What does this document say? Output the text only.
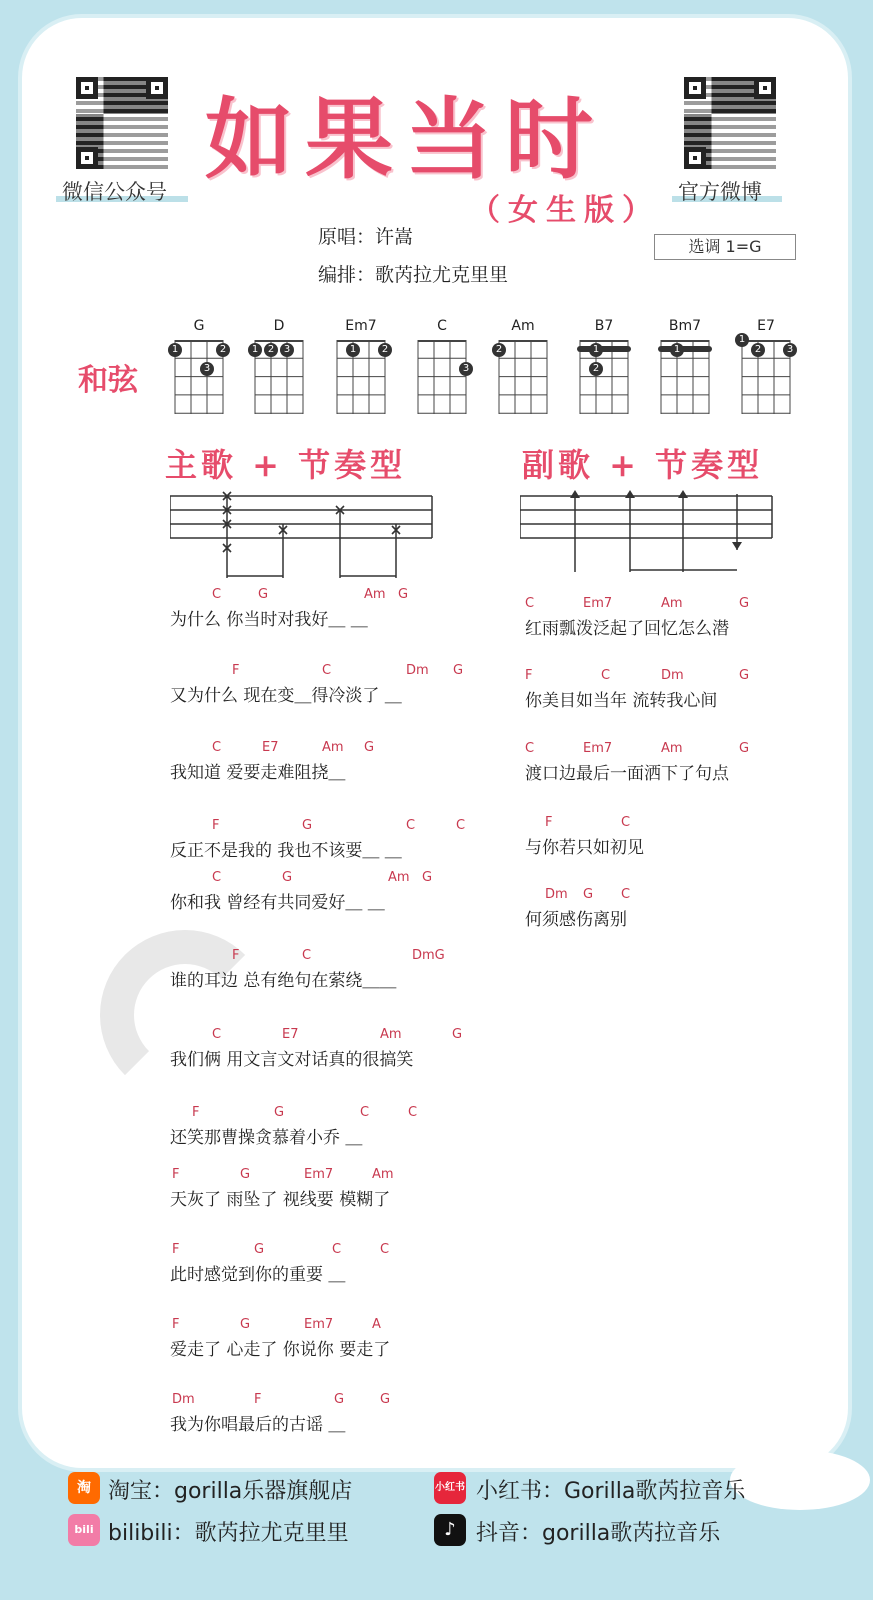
微信公众号	官方微博
如果当时
（女生版）
原唱：许嵩
编排：歌芮拉尤克里里
选调 1=G
和弦
G
1	2
3
D
1 2 3
Em7
1	2
C
3
Am
2
B7
1
2
Bm7
1
E7
1
2	3
主歌 + 节奏型	副歌 + 节奏型
为什么 你当时对我好＿ ＿
C	G	Am G
又为什么 现在变＿得冷淡了 ＿
F	C	Dm G
我知道 爱要走难阻挠＿
C	E7	Am G
反正不是我的 我也不该要＿ ＿
F	G	C	C
你和我 曾经有共同爱好＿ ＿
C	G	Am G
谁的耳边 总有绝句在萦绕＿＿
F	C	DmG
我们俩 用文言文对话真的很搞笑
C	E7	Am	G
还笑那曹操贪慕着小乔 ＿
F	G	C	C
天灰了 雨坠了 视线要 模糊了
F	G	Em7	Am
此时感觉到你的重要 ＿
F	G	C	C
爱走了 心走了 你说你 要走了
F	G	Em7	A
我为你唱最后的古谣 ＿
Dm	F	G	G
红雨瓢泼泛起了回忆怎么潜
C	Em7	Am	G
你美目如当年 流转我心间
F	C	Dm	G
渡口边最后一面洒下了句点
C	Em7	Am	G
与你若只如初见
F	C
何须感伤离别
Dm G C
淘 淘宝：gorilla乐器旗舰店
bili bilibili：歌芮拉尤克里里
小红书 小红书：Gorilla歌芮拉音乐
♪ 抖音：gorilla歌芮拉音乐
